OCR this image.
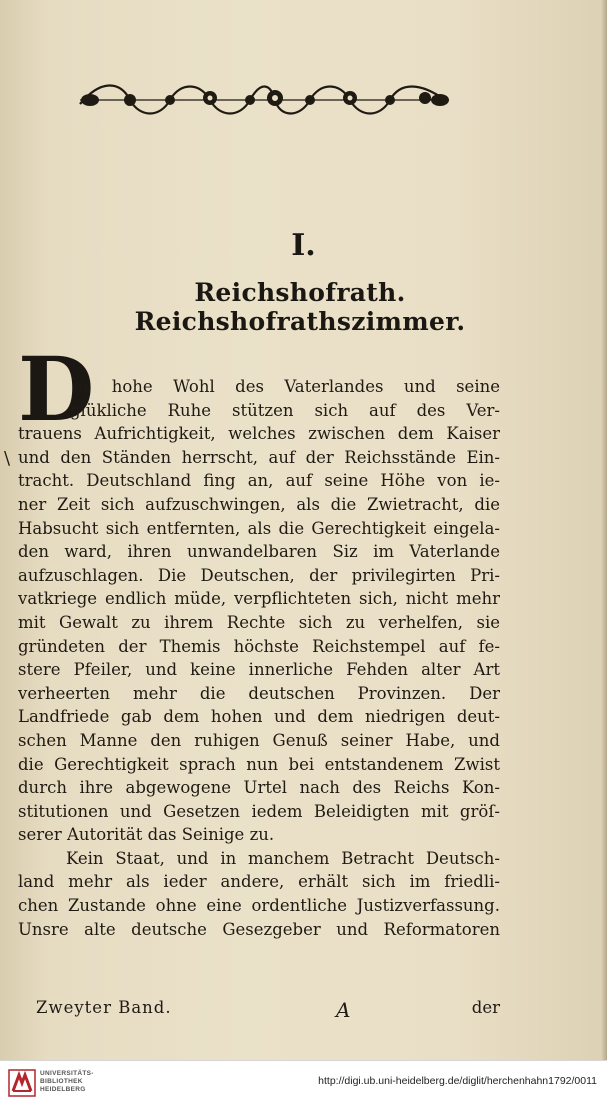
I.
Reichshofrath. Reichshofrathszimmer.
D
\
as hohe Wohl des Vaterlandes und seine
glükliche Ruhe stützen sich auf des Ver-
trauens Aufrichtigkeit, welches zwischen dem Kaiser
und den Ständen herrscht, auf der Reichsstände Ein-
tracht. Deutschland fing an, auf seine Höhe von ie-
ner Zeit sich aufzuschwingen, als die Zwietracht, die
Habsucht sich entfernten, als die Gerechtigkeit eingela-
den ward, ihren unwandelbaren Siz im Vaterlande
aufzuschlagen. Die Deutschen, der privilegirten Pri-
vatkriege endlich müde, verpflichteten sich, nicht mehr
mit Gewalt zu ihrem Rechte sich zu verhelfen, sie
gründeten der Themis höchste Reichstempel auf fe-
stere Pfeiler, und keine innerliche Fehden alter Art
verheerten mehr die deutschen Provinzen. Der
Landfriede gab dem hohen und dem niedrigen deut-
schen Manne den ruhigen Genuß seiner Habe, und
die Gerechtigkeit sprach nun bei entstandenem Zwist
durch ihre abgewogene Urtel nach des Reichs Kon-
stitutionen und Gesetzen iedem Beleidigten mit gröſ-
serer Autorität das Seinige zu.
Kein Staat, und in manchem Betracht Deutsch-
land mehr als ieder andere, erhält sich im friedli-
chen Zustande ohne eine ordentliche Justizverfassung.
Unsre alte deutsche Gesezgeber und Reformatoren
Zweyter Band.	A	der
UNIVERSITÄTS-
BIBLIOTHEK
HEIDELBERG
http://digi.ub.uni-heidelberg.de/diglit/herchenhahn1792/0011
